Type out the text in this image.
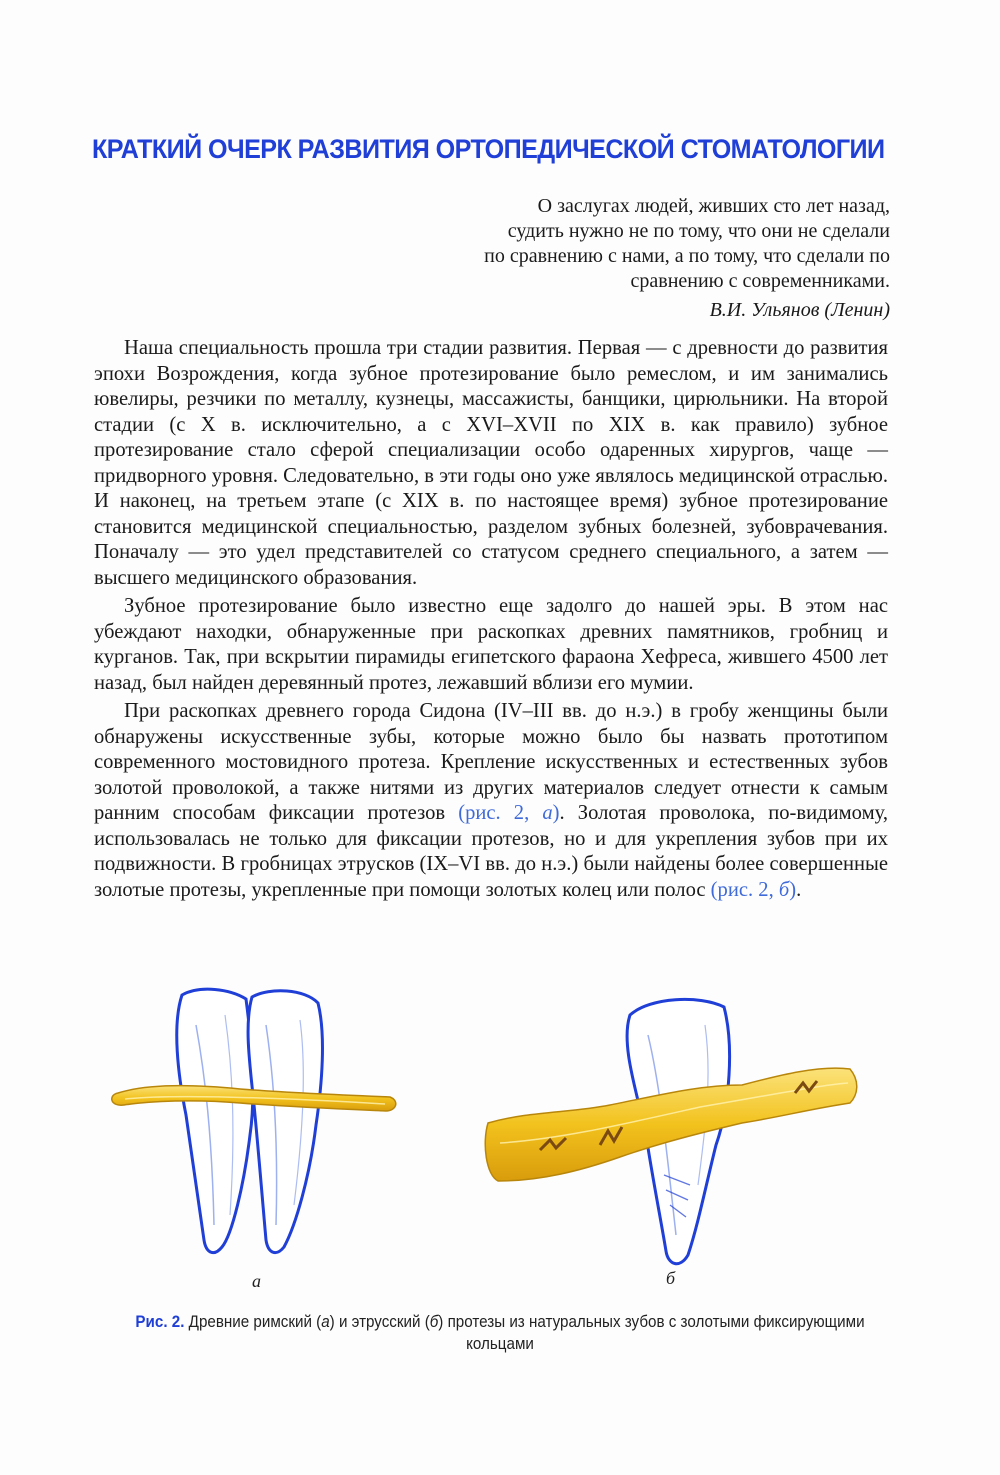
КРАТКИЙ ОЧЕРК РАЗВИТИЯ ОРТОПЕДИЧЕСКОЙ СТОМАТОЛОГИИ
О заслугах людей, живших сто лет назад,
судить нужно не по тому, что они не сделали
по сравнению с нами, а по тому, что сделали по
сравнению с современниками.
В.И. Ульянов (Ленин)

Наша специальность прошла три стадии развития. Первая — с древности до развития эпохи Возрождения, когда зубное протезирование было ремеслом, и им занимались ювелиры, резчики по металлу, кузнецы, массажисты, банщики, цирюльники. На второй стадии (с X в. исключительно, а с XVI–XVII по XIX в. как правило) зубное протезирование стало сферой специализации особо одаренных хирургов, чаще — придворного уровня. Следовательно, в эти годы оно уже являлось медицинской отраслью. И наконец, на третьем этапе (с XIX в. по настоящее время) зубное протезирование становится медицинской специальностью, разделом зубных болезней, зубоврачевания. Поначалу — это удел представителей со статусом среднего специального, а затем — высшего медицинского образования.

Зубное протезирование было известно еще задолго до нашей эры. В этом нас убеждают находки, обнаруженные при раскопках древних памятников, гробниц и курганов. Так, при вскрытии пирамиды египетского фараона Хефреса, жившего 4500 лет назад, был найден деревянный протез, лежавший вблизи его мумии.

При раскопках древнего города Сидона (IV–III вв. до н.э.) в гробу женщины были обнаружены искусственные зубы, которые можно было бы назвать прототипом современного мостовидного протеза. Крепление искусственных и естественных зубов золотой проволокой, а также нитями из других материалов следует отнести к самым ранним способам фиксации протезов (рис. 2, а). Золотая проволока, по-видимому, использовалась не только для фиксации протезов, но и для укрепления зубов при их подвижности. В гробницах этрусков (IX–VI вв. до н.э.) были найдены более совершенные золотые протезы, укрепленные при помощи золотых колец или полос (рис. 2, б).

а	б
Рис. 2. Древние римский (а) и этрусский (б) протезы из натуральных зубов с золотыми фиксирующими кольцами
